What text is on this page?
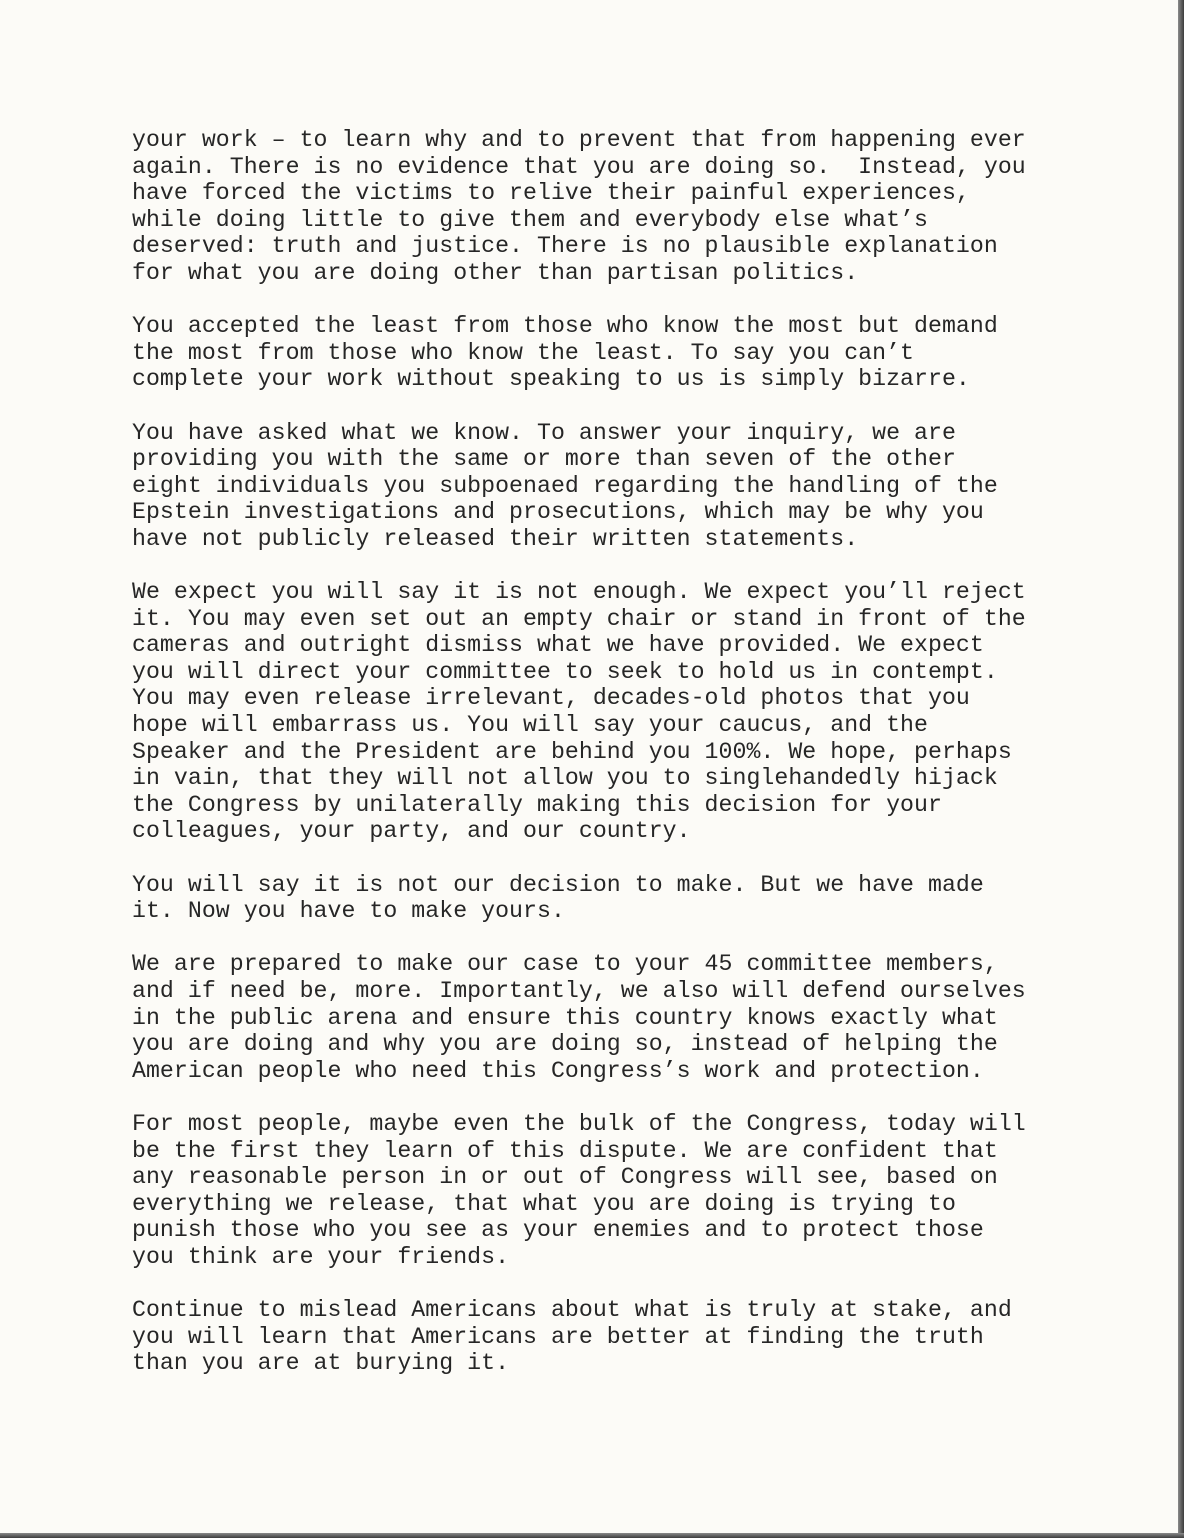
your work – to learn why and to prevent that from happening ever
again. There is no evidence that you are doing so.  Instead, you
have forced the victims to relive their painful experiences,
while doing little to give them and everybody else what’s
deserved: truth and justice. There is no plausible explanation
for what you are doing other than partisan politics.

You accepted the least from those who know the most but demand
the most from those who know the least. To say you can’t
complete your work without speaking to us is simply bizarre.

You have asked what we know. To answer your inquiry, we are
providing you with the same or more than seven of the other
eight individuals you subpoenaed regarding the handling of the
Epstein investigations and prosecutions, which may be why you
have not publicly released their written statements.

We expect you will say it is not enough. We expect you’ll reject
it. You may even set out an empty chair or stand in front of the
cameras and outright dismiss what we have provided. We expect
you will direct your committee to seek to hold us in contempt.
You may even release irrelevant, decades-old photos that you
hope will embarrass us. You will say your caucus, and the
Speaker and the President are behind you 100%. We hope, perhaps
in vain, that they will not allow you to singlehandedly hijack
the Congress by unilaterally making this decision for your
colleagues, your party, and our country.

You will say it is not our decision to make. But we have made
it. Now you have to make yours.

We are prepared to make our case to your 45 committee members,
and if need be, more. Importantly, we also will defend ourselves
in the public arena and ensure this country knows exactly what
you are doing and why you are doing so, instead of helping the
American people who need this Congress’s work and protection.

For most people, maybe even the bulk of the Congress, today will
be the first they learn of this dispute. We are confident that
any reasonable person in or out of Congress will see, based on
everything we release, that what you are doing is trying to
punish those who you see as your enemies and to protect those
you think are your friends.

Continue to mislead Americans about what is truly at stake, and
you will learn that Americans are better at finding the truth
than you are at burying it.
